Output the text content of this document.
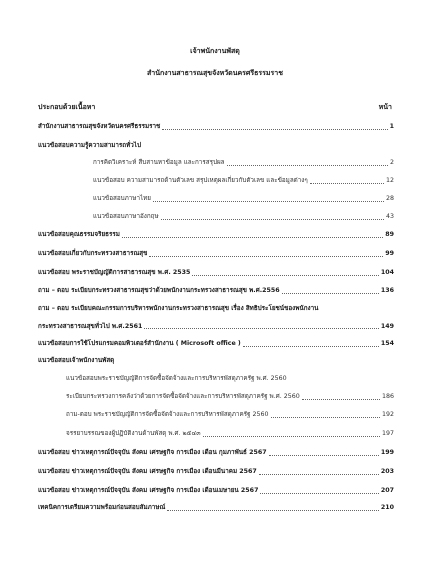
เจ้าพนักงานพัสดุ
สำนักงานสาธารณสุขจังหวัดนครศรีธรรมราช
ประกอบด้วยเนื้อหา	หน้า
สำนักงานสาธารณสุขจังหวัดนครศรีธรรมราช	1
แนวข้อสอบความรู้ความสามารถทั่วไป
การคิดวิเคราะห์ สืบสานหาข้อมูล และการสรุปผล	2
แนวข้อสอบ ความสามารถด้านตัวเลข สรุปเหตุผลเกี่ยวกับตัวเลข และข้อมูลต่างๆ	12
แนวข้อสอบภาษาไทย	28
แนวข้อสอบภาษาอังกฤษ	43
แนวข้อสอบคุณธรรมจริยธรรม	89
แนวข้อสอบเกี่ยวกับกระทรวงสาธารณสุข	99
แนวข้อสอบ พระราชบัญญัติการสาธารณสุข พ.ศ. 2535	104
ถาม – ตอบ ระเบียบกระทรวงสาธารณสุขว่าด้วยพนักงานกระทรวงสาธารณสุข พ.ศ.2556	136
ถาม – ตอบ ระเบียบคณะกรรมการบริหารพนักงานกระทรวงสาธารณสุข เรื่อง สิทธิประโยชน์ของพนักงาน
กระทรวงสาธารณสุขทั่วไป พ.ศ.2561	149
แนวข้อสอบการใช้โปรแกรมคอมพิวเตอร์สำนักงาน ( Microsoft office )	154
แนวข้อสอบเจ้าพนักงานพัสดุ
แนวข้อสอบพระราชบัญญัติการจัดซื้อจัดจ้างและการบริหารพัสดุภาครัฐ พ.ศ. 2560
ระเบียบกระทรวงการคลังว่าด้วยการจัดซื้อจัดจ้างและการบริหารพัสดุภาครัฐ พ.ศ. 2560	186
ถาม-ตอบ พระราชบัญญัติการจัดซื้อจัดจ้างและการบริหารพัสดุภาครัฐ 2560	192
จรรยาบรรณของผู้ปฏิบัติงานด้านพัสดุ พ.ศ. ๒๕๔๓	197
แนวข้อสอบ ข่าวเหตุการณ์ปัจจุบัน สังคม เศรษฐกิจ การเมือง เดือน กุมภาพันธ์ 2567	199
แนวข้อสอบ ข่าวเหตุการณ์ปัจจุบัน สังคม เศรษฐกิจ การเมือง เดือนมีนาคม 2567	203
แนวข้อสอบ ข่าวเหตุการณ์ปัจจุบัน สังคม เศรษฐกิจ การเมือง เดือนเมษายน 2567	207
เทคนิคการเตรียมความพร้อมก่อนสอบสัมภาษณ์	210
